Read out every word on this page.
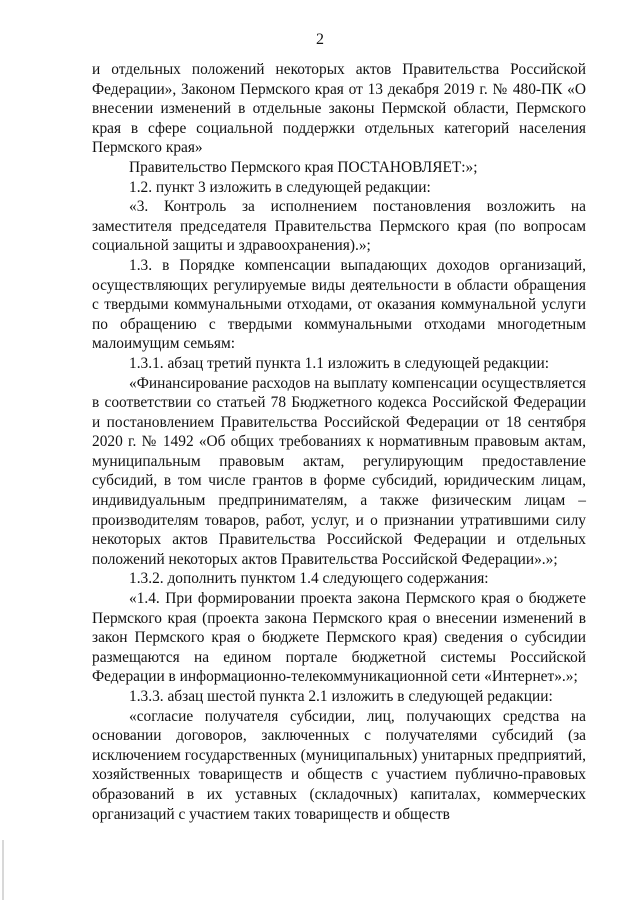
2

и отдельных положений некоторых актов Правительства Российской Федерации», Законом Пермского края от 13 декабря 2019 г. № 480-ПК «О внесении изменений в отдельные законы Пермской области, Пермского края в сфере социальной поддержки отдельных категорий населения Пермского края»

Правительство Пермского края ПОСТАНОВЛЯЕТ:»;

1.2. пункт 3 изложить в следующей редакции:

«3. Контроль за исполнением постановления возложить на заместителя председателя Правительства Пермского края (по вопросам социальной защиты и здравоохранения).»;

1.3. в Порядке компенсации выпадающих доходов организаций, осуществляющих регулируемые виды деятельности в области обращения с твердыми коммунальными отходами, от оказания коммунальной услуги по обращению с твердыми коммунальными отходами многодетным малоимущим семьям:

1.3.1. абзац третий пункта 1.1 изложить в следующей редакции:

«Финансирование расходов на выплату компенсации осуществляется в соответствии со статьей 78 Бюджетного кодекса Российской Федерации и постановлением Правительства Российской Федерации от 18 сентября 2020 г. № 1492 «Об общих требованиях к нормативным правовым актам, муниципальным правовым актам, регулирующим предоставление субсидий, в том числе грантов в форме субсидий, юридическим лицам, индивидуальным предпринимателям, а также физическим лицам – производителям товаров, работ, услуг, и о признании утратившими силу некоторых актов Правительства Российской Федерации и отдельных положений некоторых актов Правительства Российской Федерации».»;

1.3.2. дополнить пунктом 1.4 следующего содержания:

«1.4. При формировании проекта закона Пермского края о бюджете Пермского края (проекта закона Пермского края о внесении изменений в закон Пермского края о бюджете Пермского края) сведения о субсидии размещаются на едином портале бюджетной системы Российской Федерации в информационно-телекоммуникационной сети «Интернет».»;

1.3.3. абзац шестой пункта 2.1 изложить в следующей редакции:

«согласие получателя субсидии, лиц, получающих средства на основании договоров, заключенных с получателями субсидий (за исключением государственных (муниципальных) унитарных предприятий, хозяйственных товариществ и обществ с участием публично-правовых образований в их уставных (складочных) капиталах, коммерческих организаций с участием таких товариществ и обществ
